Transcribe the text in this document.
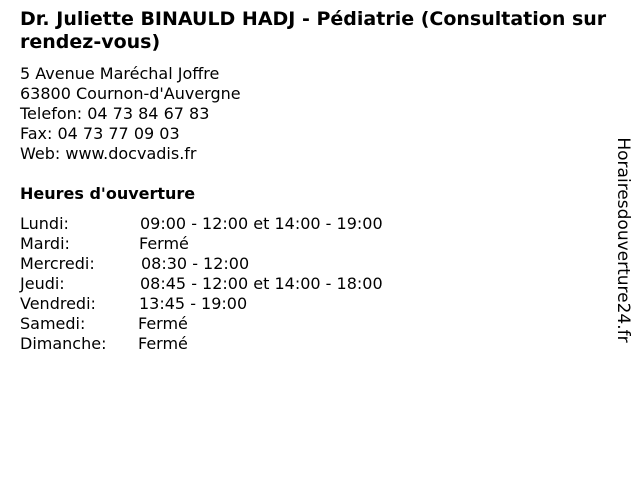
Dr. Juliette BINAULD HADJ - Pédiatrie (Consultation sur rendez-vous)
5 Avenue Maréchal Joffre
63800 Cournon-d'Auvergne
Telefon: 04 73 84 67 83
Fax: 04 73 77 09 03
Web: www.docvadis.fr
Heures d'ouverture
Lundi:	09:00 - 12:00 et 14:00 - 19:00
Mardi:	Fermé
Mercredi:	08:30 - 12:00
Jeudi:	08:45 - 12:00 et 14:00 - 18:00
Vendredi:	13:45 - 19:00
Samedi:	Fermé
Dimanche: Fermé
Horairesdouverture24.fr
